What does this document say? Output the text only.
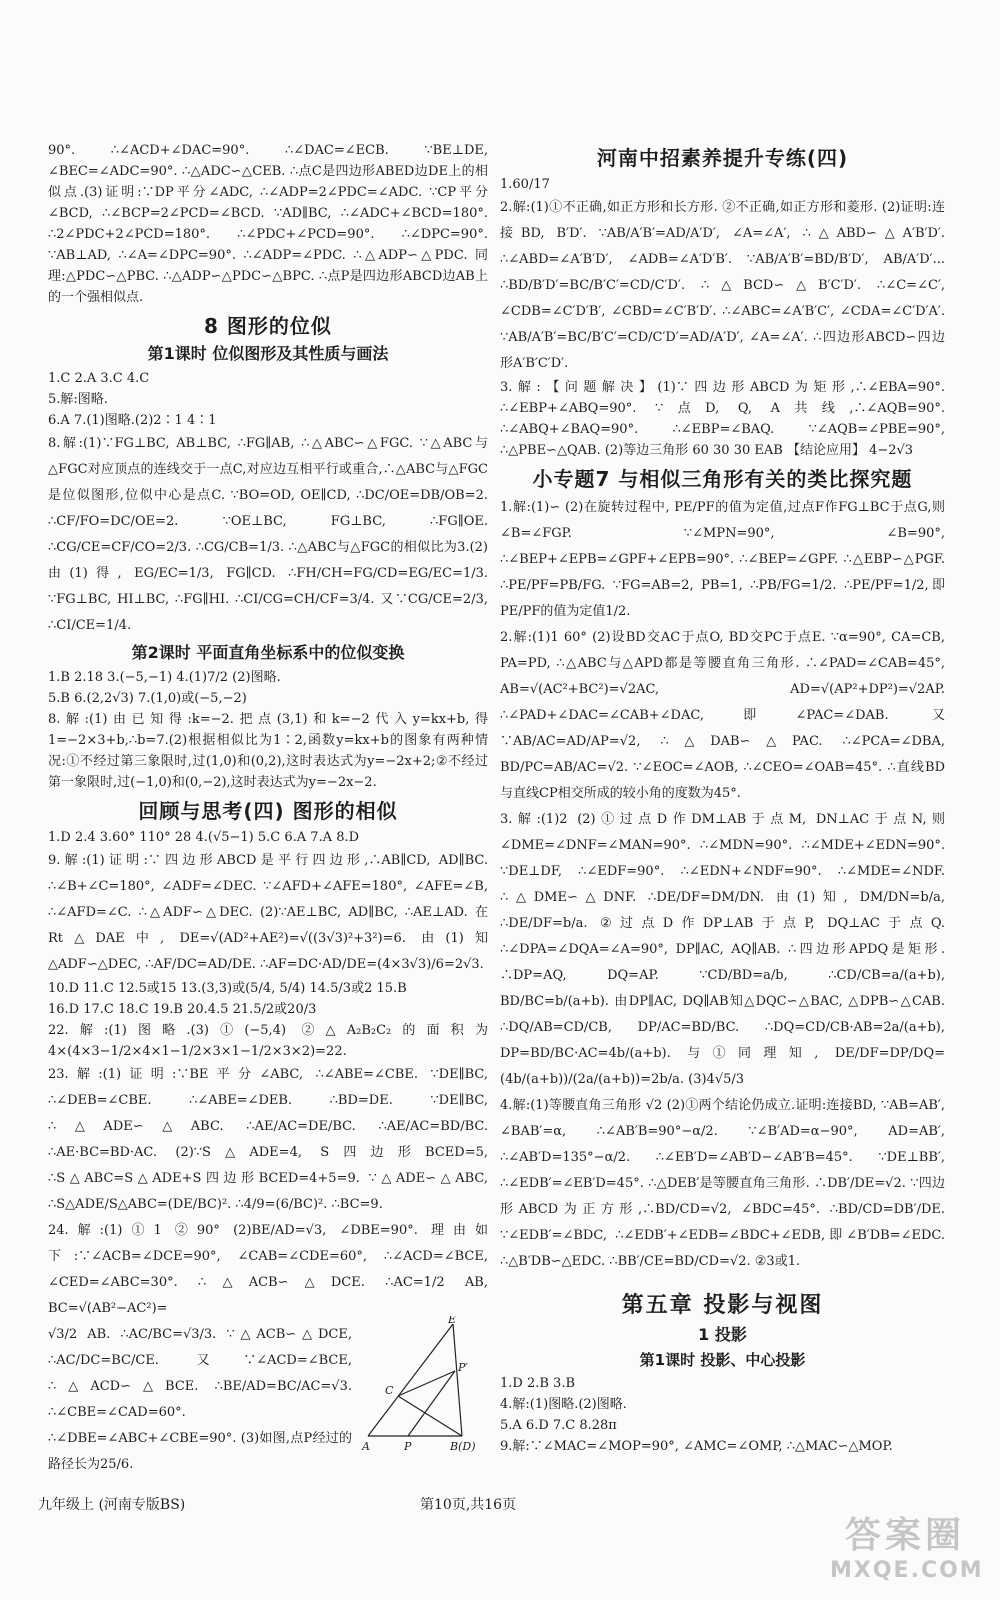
90°. ∴∠ACD+∠DAC=90°. ∴∠DAC=∠ECB. ∵BE⊥DE, ∠BEC=∠ADC=90°. ∴△ADC∽△CEB. ∴点C是四边形ABED边DE上的相似点.(3)证明:∵DP平分∠ADC, ∴∠ADP=2∠PDC=∠ADC. ∵CP平分∠BCD, ∴∠BCP=2∠PCD=∠BCD. ∵AD∥BC, ∴∠ADC+∠BCD=180°. ∴2∠PDC+2∠PCD=180°. ∴∠PDC+∠PCD=90°. ∴∠DPC=90°. ∵AB⊥AD, ∴∠A=∠DPC=90°. ∴∠ADP=∠PDC. ∴△ADP∽△PDC. 同理:△PDC∽△PBC. ∴△ADP∽△PDC∽△BPC. ∴点P是四边形ABCD边AB上的一个强相似点.

8 图形的位似
第1课时 位似图形及其性质与画法

1.C 2.A 3.C 4.C

5.解:图略.

6.A 7.(1)图略.(2)2∶1 4∶1

8.解:(1)∵FG⊥BC, AB⊥BC, ∴FG∥AB, ∴△ABC∽△FGC. ∵△ABC与△FGC对应顶点的连线交于一点C,对应边互相平行或重合,∴△ABC与△FGC是位似图形,位似中心是点C. ∵BO=OD, OE∥CD, ∴DC/OE=DB/OB=2. ∴CF/FO=DC/OE=2. ∵OE⊥BC, FG⊥BC, ∴FG∥OE. ∴CG/CE=CF/CO=2/3. ∴CG/CB=1/3. ∴△ABC与△FGC的相似比为3.(2)由(1)得, EG/EC=1/3, FG∥CD. ∴FH/CH=FG/CD=EG/EC=1/3. ∵FG⊥BC, HI⊥BC, ∴FG∥HI. ∴CI/CG=CH/CF=3/4. 又∵CG/CE=2/3, ∴CI/CE=1/4.

第2课时 平面直角坐标系中的位似变换

1.B 2.18 3.(−5,−1) 4.(1)7/2 (2)图略.

5.B 6.(2,2√3) 7.(1,0)或(−5,−2)

8.解:(1)由已知得:k=−2.把点(3,1)和k=−2代入y=kx+b,得1=−2×3+b,∴b=7.(2)根据相似比为1∶2,函数y=kx+b的图象有两种情况:①不经过第三象限时,过(1,0)和(0,2),这时表达式为y=−2x+2;②不经过第一象限时,过(−1,0)和(0,−2),这时表达式为y=−2x−2.

回顾与思考(四) 图形的相似

1.D 2.4 3.60° 110° 28 4.(√5−1) 5.C 6.A 7.A 8.D

9.解:(1)证明:∵四边形ABCD是平行四边形,∴AB∥CD, AD∥BC. ∴∠B+∠C=180°, ∠ADF=∠DEC. ∵∠AFD+∠AFE=180°, ∠AFE=∠B, ∴∠AFD=∠C. ∴△ADF∽△DEC. (2)∵AE⊥BC, AD∥BC, ∴AE⊥AD. 在Rt△DAE中, DE=√(AD²+AE²)=√((3√3)²+3²)=6. 由(1)知△ADF∽△DEC, ∴AF/DC=AD/DE. ∴AF=DC·AD/DE=(4×3√3)/6=2√3.

10.D 11.C 12.5或15 13.(3,3)或(5/4, 5/4) 14.5/3或2 15.B

16.D 17.C 18.C 19.B 20.4.5 21.5/2或20/3

22.解:(1)图略.(3)①(−5,4) ②△A₂B₂C₂的面积为4×(4×3−1/2×4×1−1/2×3×1−1/2×3×2)=22.

23.解:(1)证明:∵BE平分∠ABC, ∴∠ABE=∠CBE. ∵DE∥BC, ∴∠DEB=∠CBE. ∴∠ABE=∠DEB. ∴BD=DE. ∵DE∥BC, ∴△ADE∽△ABC. ∴AE/AC=DE/BC. ∴AE/AC=BD/BC. ∴AE·BC=BD·AC. (2)∵S△ADE=4, S四边形BCED=5, ∴S△ABC=S△ADE+S四边形BCED=4+5=9. ∵△ADE∽△ABC, ∴S△ADE/S△ABC=(DE/BC)². ∴4/9=(6/BC)². ∴BC=9.

24.解:(1)①1 ②90° (2)BE/AD=√3, ∠DBE=90°. 理由如下:∵∠ACB=∠DCE=90°, ∠CAB=∠CDE=60°, ∴∠ACD=∠BCE, ∠CED=∠ABC=30°. ∴△ACB∽△DCE. ∴AC=1/2 AB, BC=√(AB²−AC²)=

√3/2 AB. ∴AC/BC=√3/3. ∵△ACB∽△DCE, ∴AC/DC=BC/CE. 又∵∠ACD=∠BCE, ∴△ACD∽△BCE. ∴BE/AD=BC/AC=√3. ∴∠CBE=∠CAD=60°. ∴∠DBE=∠ABC+∠CBE=90°. (3)如图,点P经过的路径长为25/6.

E
C
P′
A	P	B(D)
河南中招素养提升专练(四)

1.60/17

2.解:(1)①不正确,如正方形和长方形. ②不正确,如正方形和菱形. (2)证明:连接BD, B′D′. ∵AB/A′B′=AD/A′D′, ∠A=∠A′, ∴△ABD∽△A′B′D′. ∴∠ABD=∠A′B′D′, ∠ADB=∠A′D′B′. ∵AB/A′B′=BD/B′D′, AB/A′D′... ∴BD/B′D′=BC/B′C′=CD/C′D′. ∴△BCD∽△B′C′D′. ∴∠C=∠C′, ∠CDB=∠C′D′B′, ∠CBD=∠C′B′D′. ∴∠ABC=∠A′B′C′, ∠CDA=∠C′D′A′. ∵AB/A′B′=BC/B′C′=CD/C′D′=AD/A′D′, ∠A=∠A′. ∴四边形ABCD∽四边形A′B′C′D′.

3.解:【问题解决】(1)∵四边形ABCD为矩形,∴∠EBA=90°. ∴∠EBP+∠ABQ=90°. ∵点D, Q, A共线,∴∠AQB=90°. ∴∠ABQ+∠BAQ=90°. ∴∠EBP=∠BAQ. ∵∠AQB=∠PBE=90°, ∴△PBE∽△QAB. (2)等边三角形 60 30 30 EAB 【结论应用】 4−2√3

小专题7 与相似三角形有关的类比探究题

1.解:(1)∽ (2)在旋转过程中, PE/PF的值为定值,过点F作FG⊥BC于点G,则∠B=∠FGP. ∵∠MPN=90°, ∠B=90°, ∴∠BEP+∠EPB=∠GPF+∠EPB=90°. ∴∠BEP=∠GPF. ∴△EBP∽△PGF. ∴PE/PF=PB/FG. ∵FG=AB=2, PB=1, ∴PB/FG=1/2. ∴PE/PF=1/2,即PE/PF的值为定值1/2.

2.解:(1)1 60° (2)设BD交AC于点O, BD交PC于点E. ∵α=90°, CA=CB, PA=PD, ∴△ABC与△APD都是等腰直角三角形. ∴∠PAD=∠CAB=45°, AB=√(AC²+BC²)=√2AC, AD=√(AP²+DP²)=√2AP. ∴∠PAD+∠DAC=∠CAB+∠DAC,即∠PAC=∠DAB. 又∵AB/AC=AD/AP=√2, ∴△DAB∽△PAC. ∴∠PCA=∠DBA, BD/PC=AB/AC=√2. ∵∠EOC=∠AOB, ∴∠CEO=∠OAB=45°. ∴直线BD与直线CP相交所成的较小角的度数为45°.

3.解:(1)2 (2)①过点D作DM⊥AB于点M, DN⊥AC于点N,则∠DME=∠DNF=∠MAN=90°. ∴∠MDN=90°. ∴∠MDE+∠EDN=90°. ∵DE⊥DF, ∴∠EDF=90°. ∴∠EDN+∠NDF=90°. ∴∠MDE=∠NDF. ∴△DME∽△DNF. ∴DE/DF=DM/DN. 由(1)知, DM/DN=b/a, ∴DE/DF=b/a. ②过点D作DP⊥AB于点P, DQ⊥AC于点Q. ∴∠DPA=∠DQA=∠A=90°, DP∥AC, AQ∥AB. ∴四边形APDQ是矩形. ∴DP=AQ, DQ=AP. ∵CD/BD=a/b, ∴CD/CB=a/(a+b), BD/BC=b/(a+b). 由DP∥AC, DQ∥AB知△DQC∽△BAC, △DPB∽△CAB. ∴DQ/AB=CD/CB, DP/AC=BD/BC. ∴DQ=CD/CB·AB=2a/(a+b), DP=BD/BC·AC=4b/(a+b). 与①同理知, DE/DF=DP/DQ=(4b/(a+b))/(2a/(a+b))=2b/a. (3)4√5/3

4.解:(1)等腰直角三角形 √2 (2)①两个结论仍成立.证明:连接BD, ∵AB=AB′, ∠BAB′=α, ∴∠AB′B=90°−α/2. ∵∠B′AD=α−90°, AD=AB′, ∴∠AB′D=135°−α/2. ∴∠EB′D=∠AB′D−∠AB′B=45°. ∵DE⊥BB′, ∴∠EDB′=∠EB′D=45°. ∴△DEB′是等腰直角三角形. ∴DB′/DE=√2. ∵四边形ABCD为正方形,∴BD/CD=√2, ∠BDC=45°. ∴BD/CD=DB′/DE. ∵∠EDB′=∠BDC, ∴∠EDB′+∠EDB=∠BDC+∠EDB,即∠B′DB=∠EDC. ∴△B′DB∽△EDC. ∴BB′/CE=BD/CD=√2. ②3或1.

第五章 投影与视图
1 投影
第1课时 投影、中心投影

1.D 2.B 3.B

4.解:(1)图略.(2)图略.

5.A 6.D 7.C 8.28π

9.解:∵∠MAC=∠MOP=90°, ∠AMC=∠OMP, ∴△MAC∽△MOP.

九年级上 (河南专版BS)	第10页,共16页
答案圈
MXQE.COM
